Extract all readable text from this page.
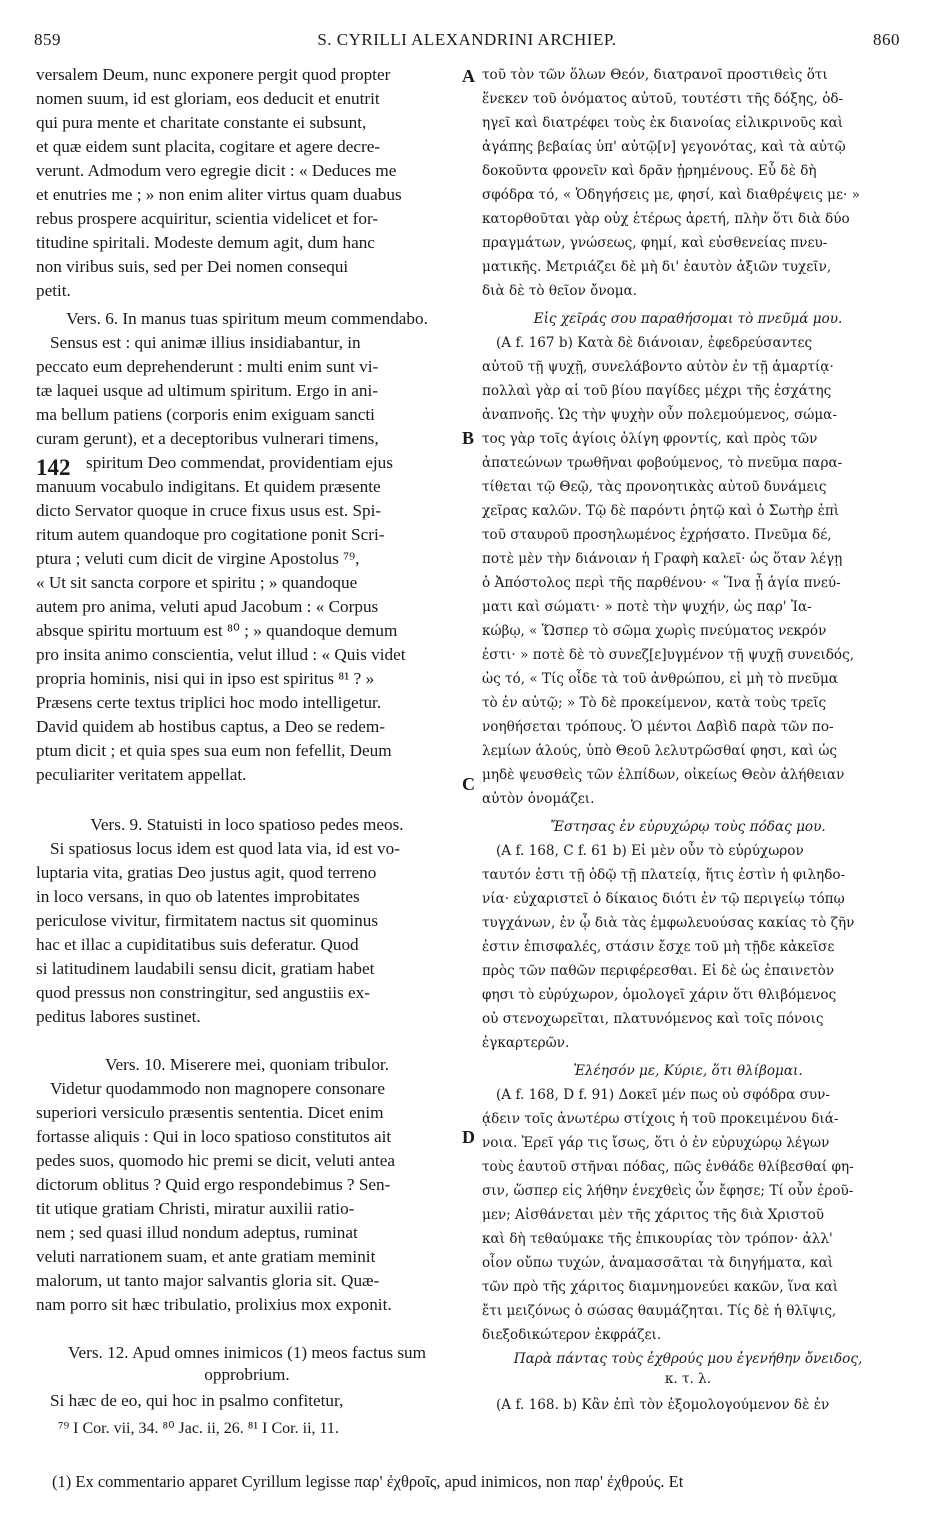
859	S. CYRILLI ALEXANDRINI ARCHIEP.	860
A
B
C
D
142
versalem Deum, nunc exponere pergit quod propter
nomen suum, id est gloriam, eos deducit et enutrit
qui pura mente et charitate constante ei subsunt,
et quæ eidem sunt placita, cogitare et agere decre-
verunt. Admodum vero egregie dicit : « Deduces me
et enutries me ; » non enim aliter virtus quam duabus
rebus prospere acquiritur, scientia videlicet et for-
titudine spiritali. Modeste demum agit, dum hanc
non viribus suis, sed per Dei nomen consequi
petit.
Vers. 6. In manus tuas spiritum meum commendabo.
Sensus est : qui animæ illius insidiabantur, in
peccato eum deprehenderunt : multi enim sunt vi-
tæ laquei usque ad ultimum spiritum. Ergo in ani-
ma bellum patiens (corporis enim exiguam sancti
curam gerunt), et a deceptoribus vulnerari timens,
spiritum Deo commendat, providentiam ejus
manuum vocabulo indigitans. Et quidem præsente
dicto Servator quoque in cruce fixus usus est. Spi-
ritum autem quandoque pro cogitatione ponit Scri-
ptura ; veluti cum dicit de virgine Apostolus ⁷⁹,
« Ut sit sancta corpore et spiritu ; » quandoque
autem pro anima, veluti apud Jacobum : « Corpus
absque spiritu mortuum est ⁸⁰ ; » quandoque demum
pro insita animo conscientia, velut illud : « Quis videt
propria hominis, nisi qui in ipso est spiritus ⁸¹ ? »
Præsens certe textus triplici hoc modo intelligetur.
David quidem ab hostibus captus, a Deo se redem-
ptum dicit ; et quia spes sua eum non fefellit, Deum
peculiariter veritatem appellat.
Vers. 9. Statuisti in loco spatioso pedes meos.
Si spatiosus locus idem est quod lata via, id est vo-
luptaria vita, gratias Deo justus agit, quod terreno
in loco versans, in quo ob latentes improbitates
periculose vivitur, firmitatem nactus sit quominus
hac et illac a cupiditatibus suis deferatur. Quod
si latitudinem laudabili sensu dicit, gratiam habet
quod pressus non constringitur, sed angustiis ex-
peditus labores sustinet.
Vers. 10. Miserere mei, quoniam tribulor.
Videtur quodammodo non magnopere consonare
superiori versiculo præsentis sententia. Dicet enim
fortasse aliquis : Qui in loco spatioso constitutos ait
pedes suos, quomodo hic premi se dicit, veluti antea
dictorum oblitus ? Quid ergo respondebimus ? Sen-
tit utique gratiam Christi, miratur auxilii ratio-
nem ; sed quasi illud nondum adeptus, ruminat
veluti narrationem suam, et ante gratiam meminit
malorum, ut tanto major salvantis gloria sit. Quæ-
nam porro sit hæc tribulatio, prolixius mox exponit.
Vers. 12. Apud omnes inimicos (1) meos factus sum
opprobrium.
Si hæc de eo, qui hoc in psalmo confitetur,
τοῦ τὸν τῶν ὅλων Θεόν, διατρανοῖ προστιθεὶς ὅτι
ἕνεκεν τοῦ ὀνόματος αὐτοῦ, τουτέστι τῆς δόξης, ὁδ-
ηγεῖ καὶ διατρέφει τοὺς ἐκ διανοίας εἰλικρινοῦς καὶ
ἀγάπης βεβαίας ὑπ' αὐτῷ[ν] γεγονότας, καὶ τὰ αὐτῷ
δοκοῦντα φρονεῖν καὶ δρᾶν ᾑρημένους. Εὖ δὲ δὴ
σφόδρα τό, « Ὁδηγήσεις με, φησί, καὶ διαθρέψεις με· »
κατορθοῦται γὰρ οὐχ ἑτέρως ἀρετή, πλὴν ὅτι διὰ δύο
πραγμάτων, γνώσεως, φημί, καὶ εὐσθενείας πνευ-
ματικῆς. Μετριάζει δὲ μὴ δι' ἑαυτὸν ἀξιῶν τυχεῖν,
διὰ δὲ τὸ θεῖον ὄνομα.
Εἰς χεῖράς σου παραθήσομαι τὸ πνεῦμά μου.
(A f. 167 b) Κατὰ δὲ διάνοιαν, ἐφεδρεύσαντες
αὐτοῦ τῇ ψυχῇ, συνελάβοντο αὐτὸν ἐν τῇ ἁμαρτίᾳ·
πολλαὶ γὰρ αἱ τοῦ βίου παγίδες μέχρι τῆς ἐσχάτης
ἀναπνοῆς. Ὡς τὴν ψυχὴν οὖν πολεμούμενος, σώμα-
τος γὰρ τοῖς ἁγίοις ὀλίγη φροντίς, καὶ πρὸς τῶν
ἀπατεώνων τρωθῆναι φοβούμενος, τὸ πνεῦμα παρα-
τίθεται τῷ Θεῷ, τὰς προνοητικὰς αὐτοῦ δυνάμεις
χεῖρας καλῶν. Τῷ δὲ παρόντι ῥητῷ καὶ ὁ Σωτὴρ ἐπὶ
τοῦ σταυροῦ προσηλωμένος ἐχρήσατο. Πνεῦμα δέ,
ποτὲ μὲν τὴν διάνοιαν ἡ Γραφὴ καλεῖ· ὡς ὅταν λέγῃ
ὁ Ἀπόστολος περὶ τῆς παρθένου· « Ἵνα ᾖ ἁγία πνεύ-
ματι καὶ σώματι· » ποτὲ τὴν ψυχήν, ὡς παρ' Ἰα-
κώβῳ, « Ὥσπερ τὸ σῶμα χωρὶς πνεύματος νεκρόν
ἐστι· » ποτὲ δὲ τὸ συνεζ[ε]υγμένον τῇ ψυχῇ συνειδός,
ὡς τό, « Τίς οἶδε τὰ τοῦ ἀνθρώπου, εἰ μὴ τὸ πνεῦμα
τὸ ἐν αὐτῷ; » Τὸ δὲ προκείμενον, κατὰ τοὺς τρεῖς
νοηθήσεται τρόπους. Ὁ μέντοι Δαβὶδ παρὰ τῶν πο-
λεμίων ἁλούς, ὑπὸ Θεοῦ λελυτρῶσθαί φησι, καὶ ὡς
μηδὲ ψευσθεὶς τῶν ἐλπίδων, οἰκείως Θεὸν ἀλήθειαν
αὐτὸν ὀνομάζει.
Ἔστησας ἐν εὐρυχώρῳ τοὺς πόδας μου.
(A f. 168, C f. 61 b) Εἰ μὲν οὖν τὸ εὐρύχωρον
ταυτόν ἐστι τῇ ὁδῷ τῇ πλατείᾳ, ἥτις ἐστὶν ἡ φιληδο-
νία· εὐχαριστεῖ ὁ δίκαιος διότι ἐν τῷ περιγείῳ τόπῳ
τυγχάνων, ἐν ᾧ διὰ τὰς ἐμφωλευούσας κακίας τὸ ζῆν
ἐστιν ἐπισφαλές, στάσιν ἔσχε τοῦ μὴ τῇδε κἀκεῖσε
πρὸς τῶν παθῶν περιφέρεσθαι. Εἰ δὲ ὡς ἐπαινετὸν
φησι τὸ εὐρύχωρον, ὁμολογεῖ χάριν ὅτι θλιβόμενος
οὐ στενοχωρεῖται, πλατυνόμενος καὶ τοῖς πόνοις
ἐγκαρτερῶν.
Ἐλέησόν με, Κύριε, ὅτι θλίβομαι.
(A f. 168, D f. 91) Δοκεῖ μέν πως οὐ σφόδρα συν-
ᾴδειν τοῖς ἀνωτέρω στίχοις ἡ τοῦ προκειμένου διά-
νοια. Ἐρεῖ γάρ τις ἴσως, ὅτι ὁ ἐν εὐρυχώρῳ λέγων
τοὺς ἑαυτοῦ στῆναι πόδας, πῶς ἐνθάδε θλίβεσθαί φη-
σιν, ὥσπερ εἰς λήθην ἐνεχθεὶς ὧν ἔφησε; Τί οὖν ἐροῦ-
μεν; Αἰσθάνεται μὲν τῆς χάριτος τῆς διὰ Χριστοῦ
καὶ δὴ τεθαύμακε τῆς ἐπικουρίας τὸν τρόπον· ἀλλ'
οἷον οὔπω τυχών, ἀναμασσᾶται τὰ διηγήματα, καὶ
τῶν πρὸ τῆς χάριτος διαμνημονεύει κακῶν, ἵνα καὶ
ἔτι μειζόνως ὁ σώσας θαυμάζηται. Τίς δὲ ἡ θλῖψις,
διεξοδικώτερον ἐκφράζει.
Παρὰ πάντας τοὺς ἐχθρούς μου ἐγενήθην ὄνειδος,
κ. τ. λ.
(A f. 168. b) Κἂν ἐπὶ τὸν ἐξομολογούμενον δὲ ἐν
⁷⁹ I Cor. vii, 34. ⁸⁰ Jac. ii, 26. ⁸¹ I Cor. ii, 11.
(1) Ex commentario apparet Cyrillum legisse παρ' ἐχθροῖς, apud inimicos, non παρ' ἐχθρούς. Et
